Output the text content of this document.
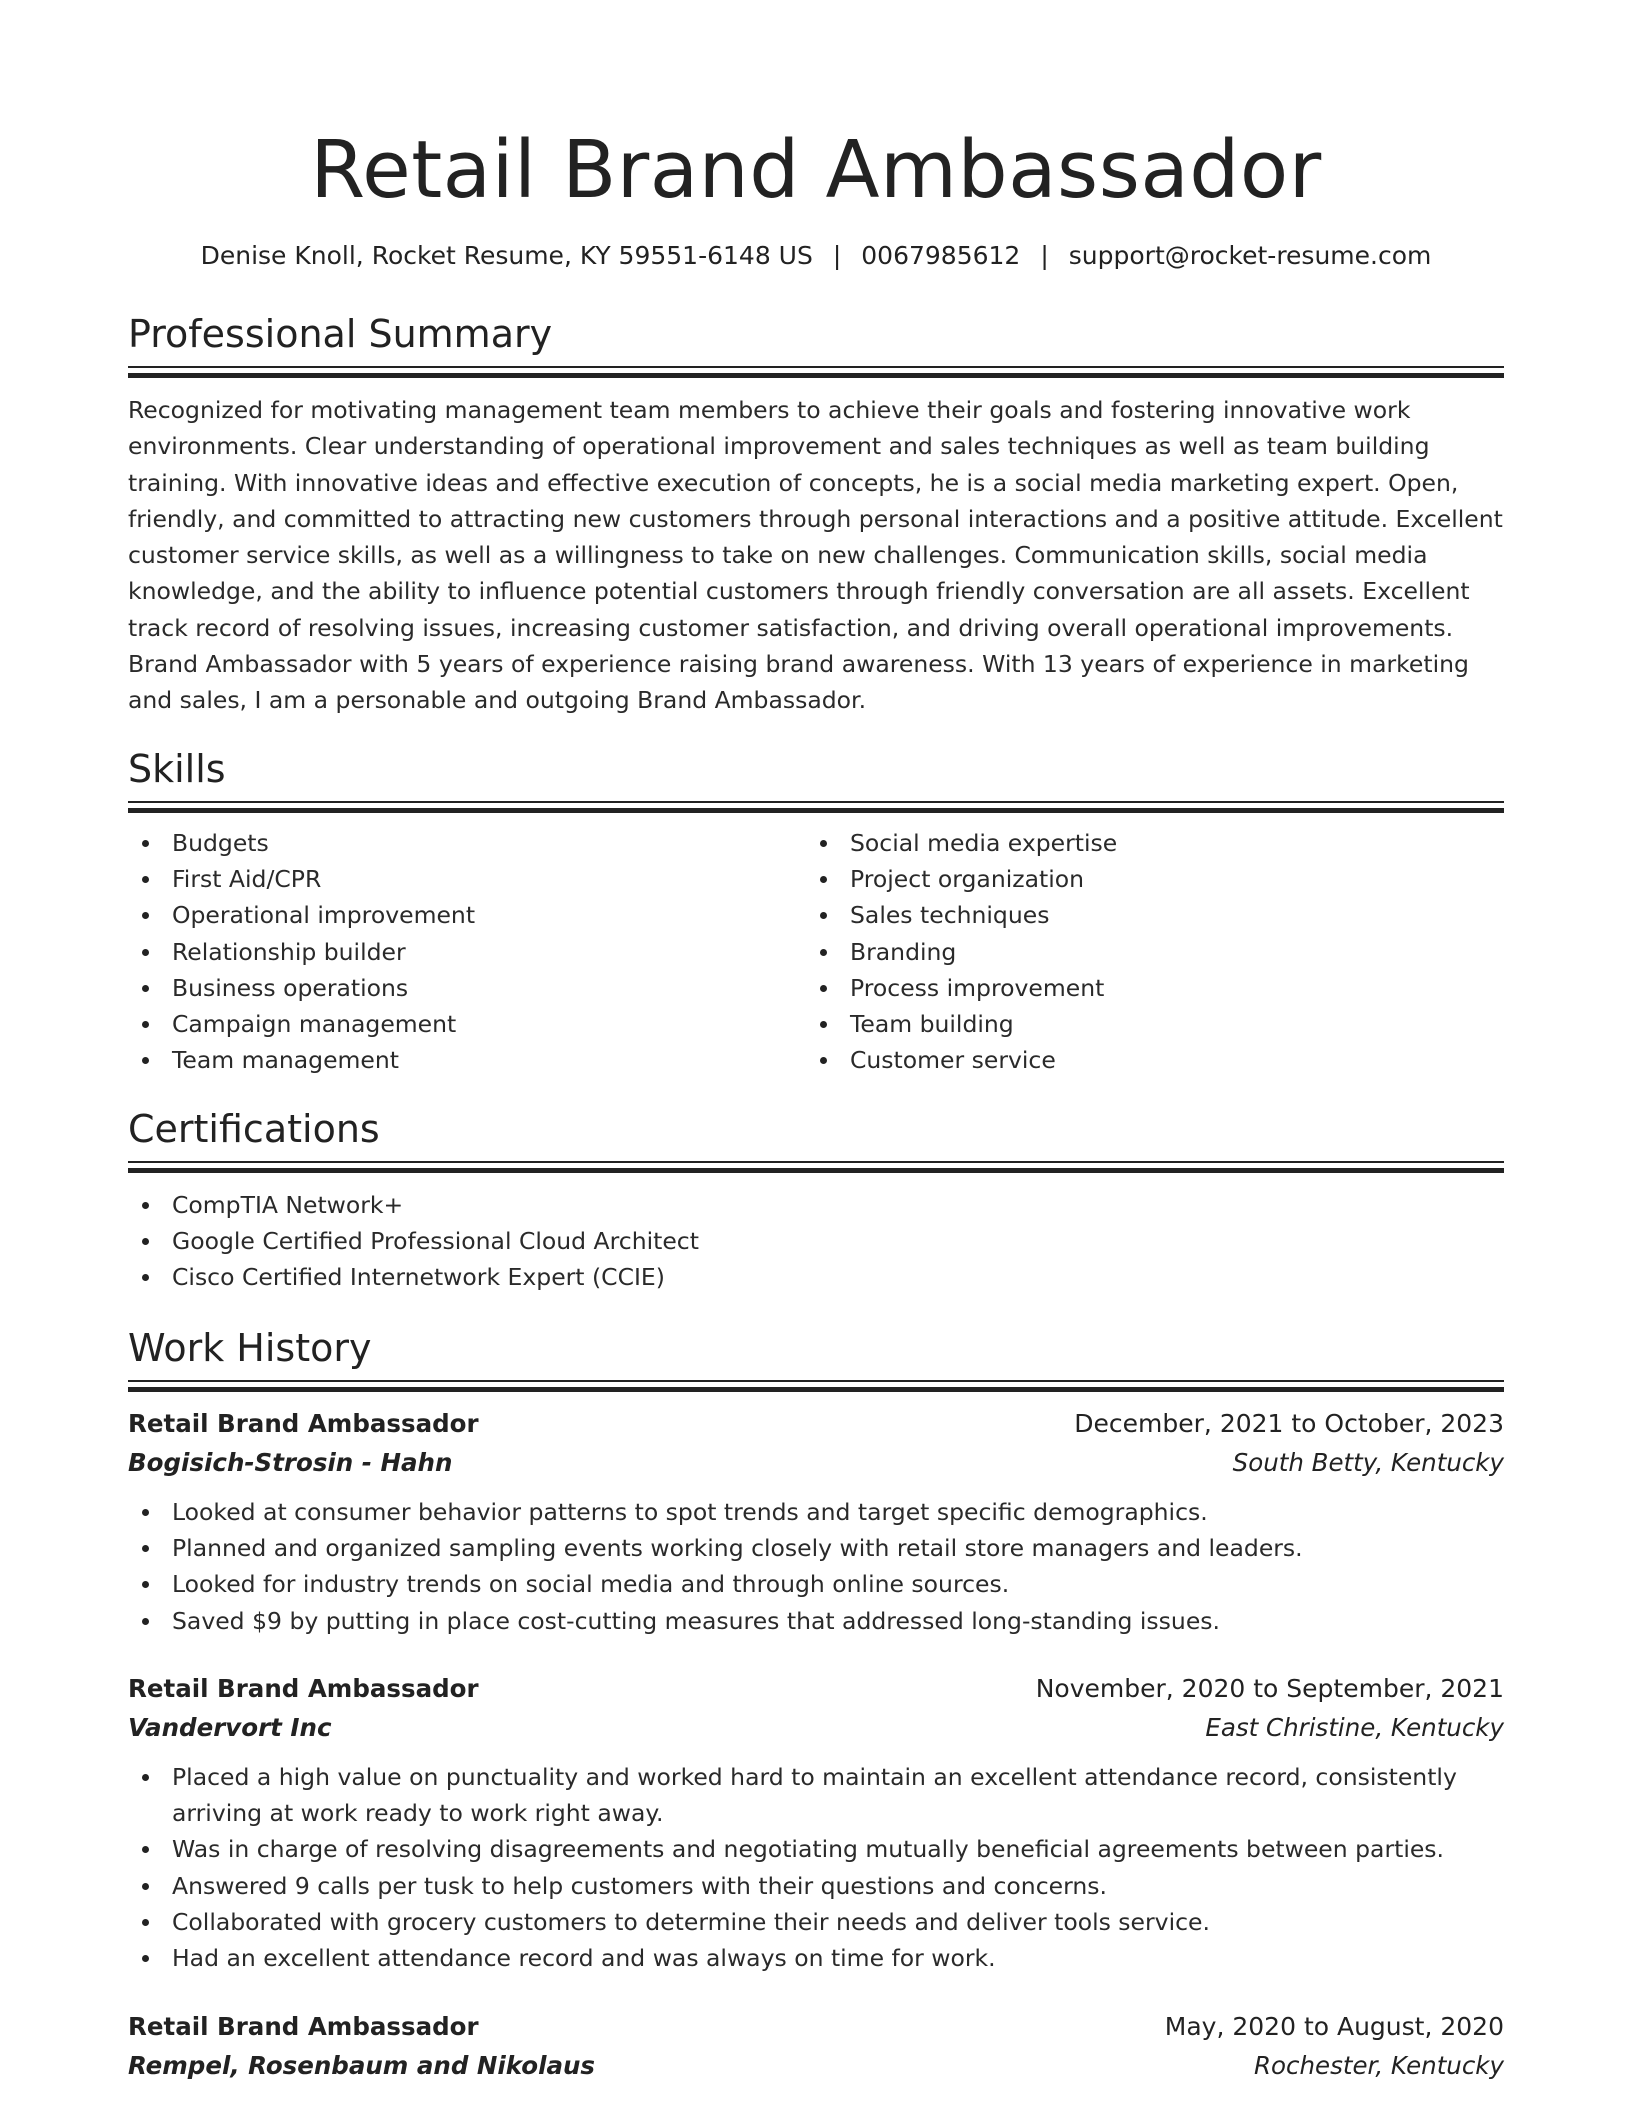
Retail Brand Ambassador
Denise Knoll, Rocket Resume, KY 59551-6148 US | 0067985612 | support@rocket-resume.com
Professional Summary
Recognized for motivating management team members to achieve their goals and fostering innovative work environments. Clear understanding of operational improvement and sales techniques as well as team building training. With innovative ideas and effective execution of concepts, he is a social media marketing expert. Open, friendly, and committed to attracting new customers through personal interactions and a positive attitude. Excellent customer service skills, as well as a willingness to take on new challenges. Communication skills, social media knowledge, and the ability to influence potential customers through friendly conversation are all assets. Excellent track record of resolving issues, increasing customer satisfaction, and driving overall operational improvements. Brand Ambassador with 5 years of experience raising brand awareness. With 13 years of experience in marketing and sales, I am a personable and outgoing Brand Ambassador.
Skills
Budgets
First Aid/CPR
Operational improvement
Relationship builder
Business operations
Campaign management
Team management
Social media expertise
Project organization
Sales techniques
Branding
Process improvement
Team building
Customer service
Certifications
CompTIA Network+
Google Certified Professional Cloud Architect
Cisco Certified Internetwork Expert (CCIE)
Work History
Retail Brand Ambassador	December, 2021 to October, 2023
Bogisich-Strosin - Hahn	South Betty, Kentucky
Looked at consumer behavior patterns to spot trends and target specific demographics.
Planned and organized sampling events working closely with retail store managers and leaders.
Looked for industry trends on social media and through online sources.
Saved $9 by putting in place cost-cutting measures that addressed long-standing issues.
Retail Brand Ambassador	November, 2020 to September, 2021
Vandervort Inc	East Christine, Kentucky
Placed a high value on punctuality and worked hard to maintain an excellent attendance record, consistently arriving at work ready to work right away.
Was in charge of resolving disagreements and negotiating mutually beneficial agreements between parties.
Answered 9 calls per tusk to help customers with their questions and concerns.
Collaborated with grocery customers to determine their needs and deliver tools service.
Had an excellent attendance record and was always on time for work.
Retail Brand Ambassador	May, 2020 to August, 2020
Rempel, Rosenbaum and Nikolaus	Rochester, Kentucky
